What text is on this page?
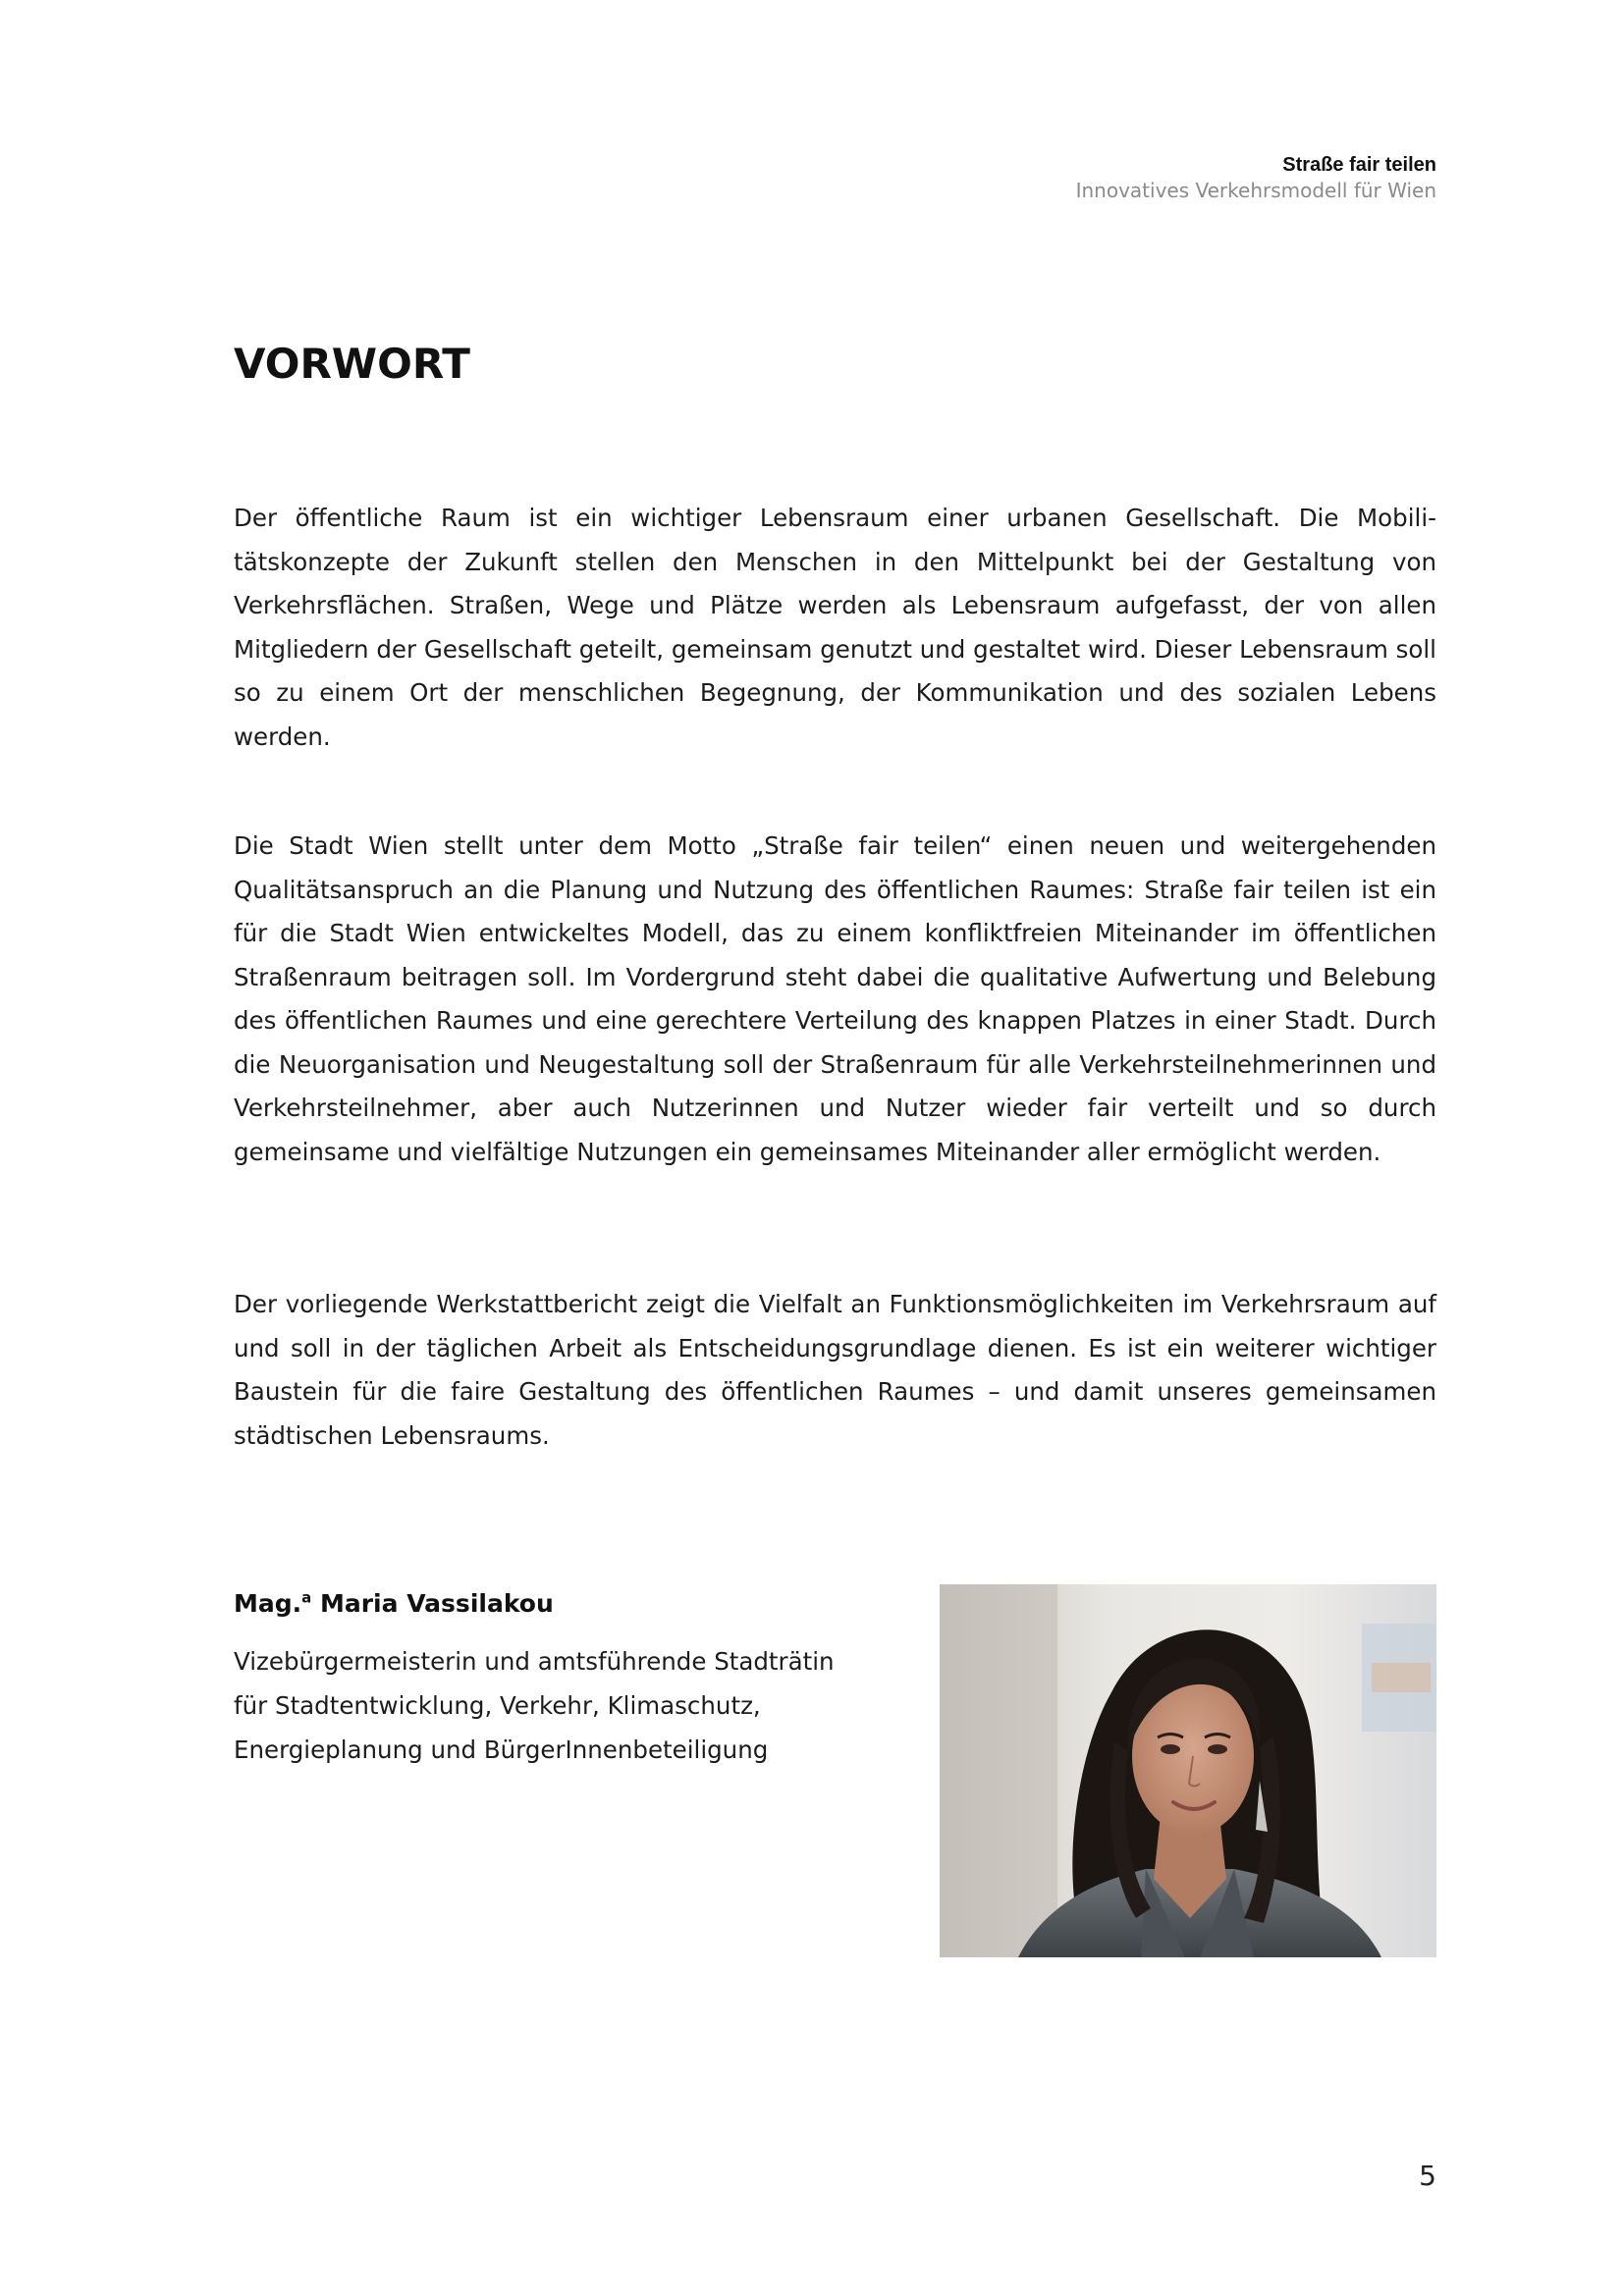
Straße fair teilen
Innovatives Verkehrsmodell für Wien
VORWORT

Der öffentliche Raum ist ein wichtiger Lebensraum einer urbanen Gesellschaft. Die Mobilitätskonzepte der Zukunft stellen den Menschen in den Mittelpunkt bei der Gestaltung von Verkehrsflächen. Straßen, Wege und Plätze werden als Lebensraum aufgefasst, der von allen Mitgliedern der Gesellschaft geteilt, gemeinsam genutzt und gestaltet wird. Dieser Lebensraum soll so zu einem Ort der menschlichen Begegnung, der Kommunikation und des sozialen Lebens werden.

Die Stadt Wien stellt unter dem Motto „Straße fair teilen“ einen neuen und weitergehenden Qualitätsanspruch an die Planung und Nutzung des öffentlichen Raumes: Straße fair teilen ist ein für die Stadt Wien entwickeltes Modell, das zu einem konfliktfreien Miteinander im öffentlichen Straßenraum beitragen soll. Im Vordergrund steht dabei die qualitative Aufwertung und Belebung des öffentlichen Raumes und eine gerechtere Verteilung des knappen Platzes in einer Stadt. Durch die Neuorganisation und Neugestaltung soll der Straßenraum für alle Verkehrsteilnehmerinnen und Verkehrsteilnehmer, aber auch Nutzerinnen und Nutzer wieder fair verteilt und so durch gemeinsame und vielfältige Nutzungen ein gemeinsames Miteinander aller ermöglicht werden.

Der vorliegende Werkstattbericht zeigt die Vielfalt an Funktionsmöglichkeiten im Verkehrsraum auf und soll in der täglichen Arbeit als Entscheidungsgrundlage dienen. Es ist ein weiterer wichtiger Baustein für die faire Gestaltung des öffentlichen Raumes – und damit unseres gemeinsamen städtischen Lebensraums.

Mag.$^a$ Maria Vassilakou

Vizebürgermeisterin und amtsführende Stadträtin

für Stadtentwicklung, Verkehr, Klimaschutz,

Energieplanung und BürgerInnenbeteiligung

5
